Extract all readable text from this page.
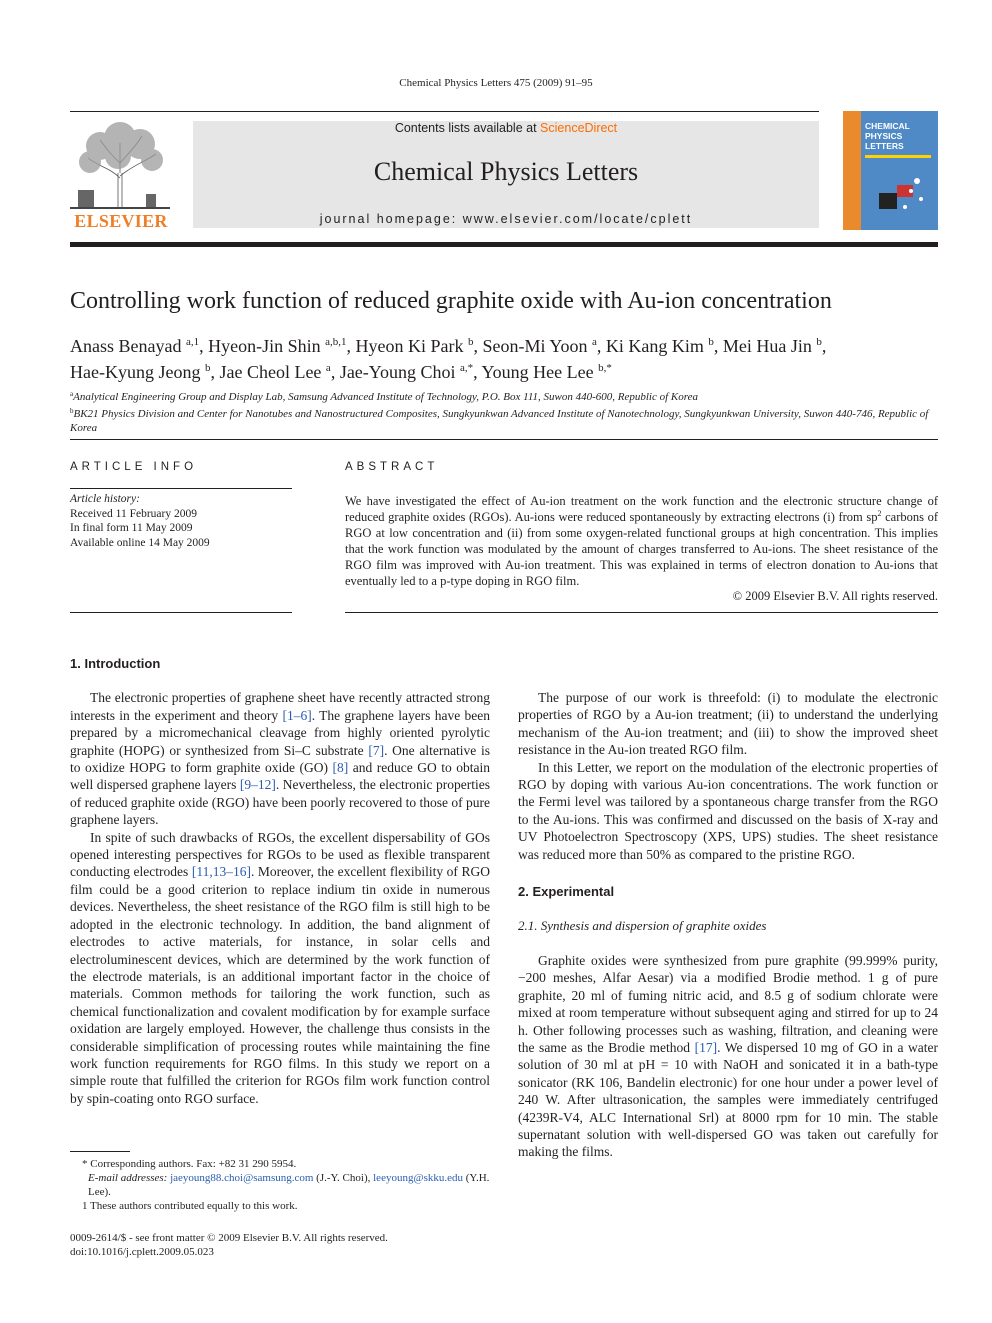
Chemical Physics Letters 475 (2009) 91–95
ELSEVIER
Contents lists available at ScienceDirect
Chemical Physics Letters
journal homepage: www.elsevier.com/locate/cplett
CHEMICAL
PHYSICS
LETTERS
Controlling work function of reduced graphite oxide with Au-ion concentration
Anass Benayad $^{a,1}$, Hyeon-Jin Shin $^{a,b,1}$, Hyeon Ki Park $^b$, Seon-Mi Yoon $^a$, Ki Kang Kim $^b$, Mei Hua Jin $^b$,
Hae-Kyung Jeong $^b$, Jae Cheol Lee $^a$, Jae-Young Choi $^{a,*}$, Young Hee Lee $^{b,*}$
$^a$Analytical Engineering Group and Display Lab, Samsung Advanced Institute of Technology, P.O. Box 111, Suwon 440-600, Republic of Korea
$^b$BK21 Physics Division and Center for Nanotubes and Nanostructured Composites, Sungkyunkwan Advanced Institute of Nanotechnology, Sungkyunkwan University, Suwon 440-746, Republic of Korea
ARTICLE INFO
Article history:
Received 11 February 2009
In final form 11 May 2009
Available online 14 May 2009
ABSTRACT
We have investigated the effect of Au-ion treatment on the work function and the electronic structure change of reduced graphite oxides (RGOs). Au-ions were reduced spontaneously by extracting electrons (i) from $sp^2$ carbons of RGO at low concentration and (ii) from some oxygen-related functional groups at high concentration. This implies that the work function was modulated by the amount of charges transferred to Au-ions. The sheet resistance of the RGO film was improved with Au-ion treatment. This was explained in terms of electron donation to Au-ions that eventually led to a p-type doping in RGO film.
© 2009 Elsevier B.V. All rights reserved.
1. Introduction

The electronic properties of graphene sheet have recently attracted strong interests in the experiment and theory [1–6]. The graphene layers have been prepared by a micromechanical cleavage from highly oriented pyrolytic graphite (HOPG) or synthesized from Si–C substrate [7]. One alternative is to oxidize HOPG to form graphite oxide (GO) [8] and reduce GO to obtain well dispersed graphene layers [9–12]. Nevertheless, the electronic properties of reduced graphite oxide (RGO) have been poorly recovered to those of pure graphene layers.

In spite of such drawbacks of RGOs, the excellent dispersability of GOs opened interesting perspectives for RGOs to be used as flexible transparent conducting electrodes [11,13–16]. Moreover, the excellent flexibility of RGO film could be a good criterion to replace indium tin oxide in numerous devices. Nevertheless, the sheet resistance of the RGO film is still high to be adopted in the electronic technology. In addition, the band alignment of electrodes to active materials, for instance, in solar cells and electroluminescent devices, which are determined by the work function of the electrode materials, is an additional important factor in the choice of materials. Common methods for tailoring the work function, such as chemical functionalization and covalent modification by for example surface oxidation are largely employed. However, the challenge thus consists in the considerable simplification of processing routes while maintaining the fine work function requirements for RGO films. In this study we report on a simple route that fulfilled the criterion for RGOs film work function control by spin-coating onto RGO surface.

The purpose of our work is threefold: (i) to modulate the electronic properties of RGO by a Au-ion treatment; (ii) to understand the underlying mechanism of the Au-ion treatment; and (iii) to show the improved sheet resistance in the Au-ion treated RGO film.

In this Letter, we report on the modulation of the electronic properties of RGO by doping with various Au-ion concentrations. The work function or the Fermi level was tailored by a spontaneous charge transfer from the RGO to the Au-ions. This was confirmed and discussed on the basis of X-ray and UV Photoelectron Spectroscopy (XPS, UPS) studies. The sheet resistance was reduced more than 50% as compared to the pristine RGO.

2. Experimental
2.1. Synthesis and dispersion of graphite oxides

Graphite oxides were synthesized from pure graphite (99.999% purity, −200 meshes, Alfar Aesar) via a modified Brodie method. 1 g of pure graphite, 20 ml of fuming nitric acid, and 8.5 g of sodium chlorate were mixed at room temperature without subsequent aging and stirred for up to 24 h. Other following processes such as washing, filtration, and cleaning were the same as the Brodie method [17]. We dispersed 10 mg of GO in a water solution of 30 ml at pH = 10 with NaOH and sonicated it in a bath-type sonicator (RK 106, Bandelin electronic) for one hour under a power level of 240 W. After ultrasonication, the samples were immediately centrifuged (4239R-V4, ALC International Srl) at 8000 rpm for 10 min. The stable supernatant solution with well-dispersed GO was taken out carefully for making the films.

* Corresponding authors. Fax: +82 31 290 5954.
E-mail addresses: jaeyoung88.choi@samsung.com (J.-Y. Choi), leeyoung@skku.edu (Y.H. Lee).
1 These authors contributed equally to this work.
0009-2614/$ - see front matter © 2009 Elsevier B.V. All rights reserved.
doi:10.1016/j.cplett.2009.05.023
